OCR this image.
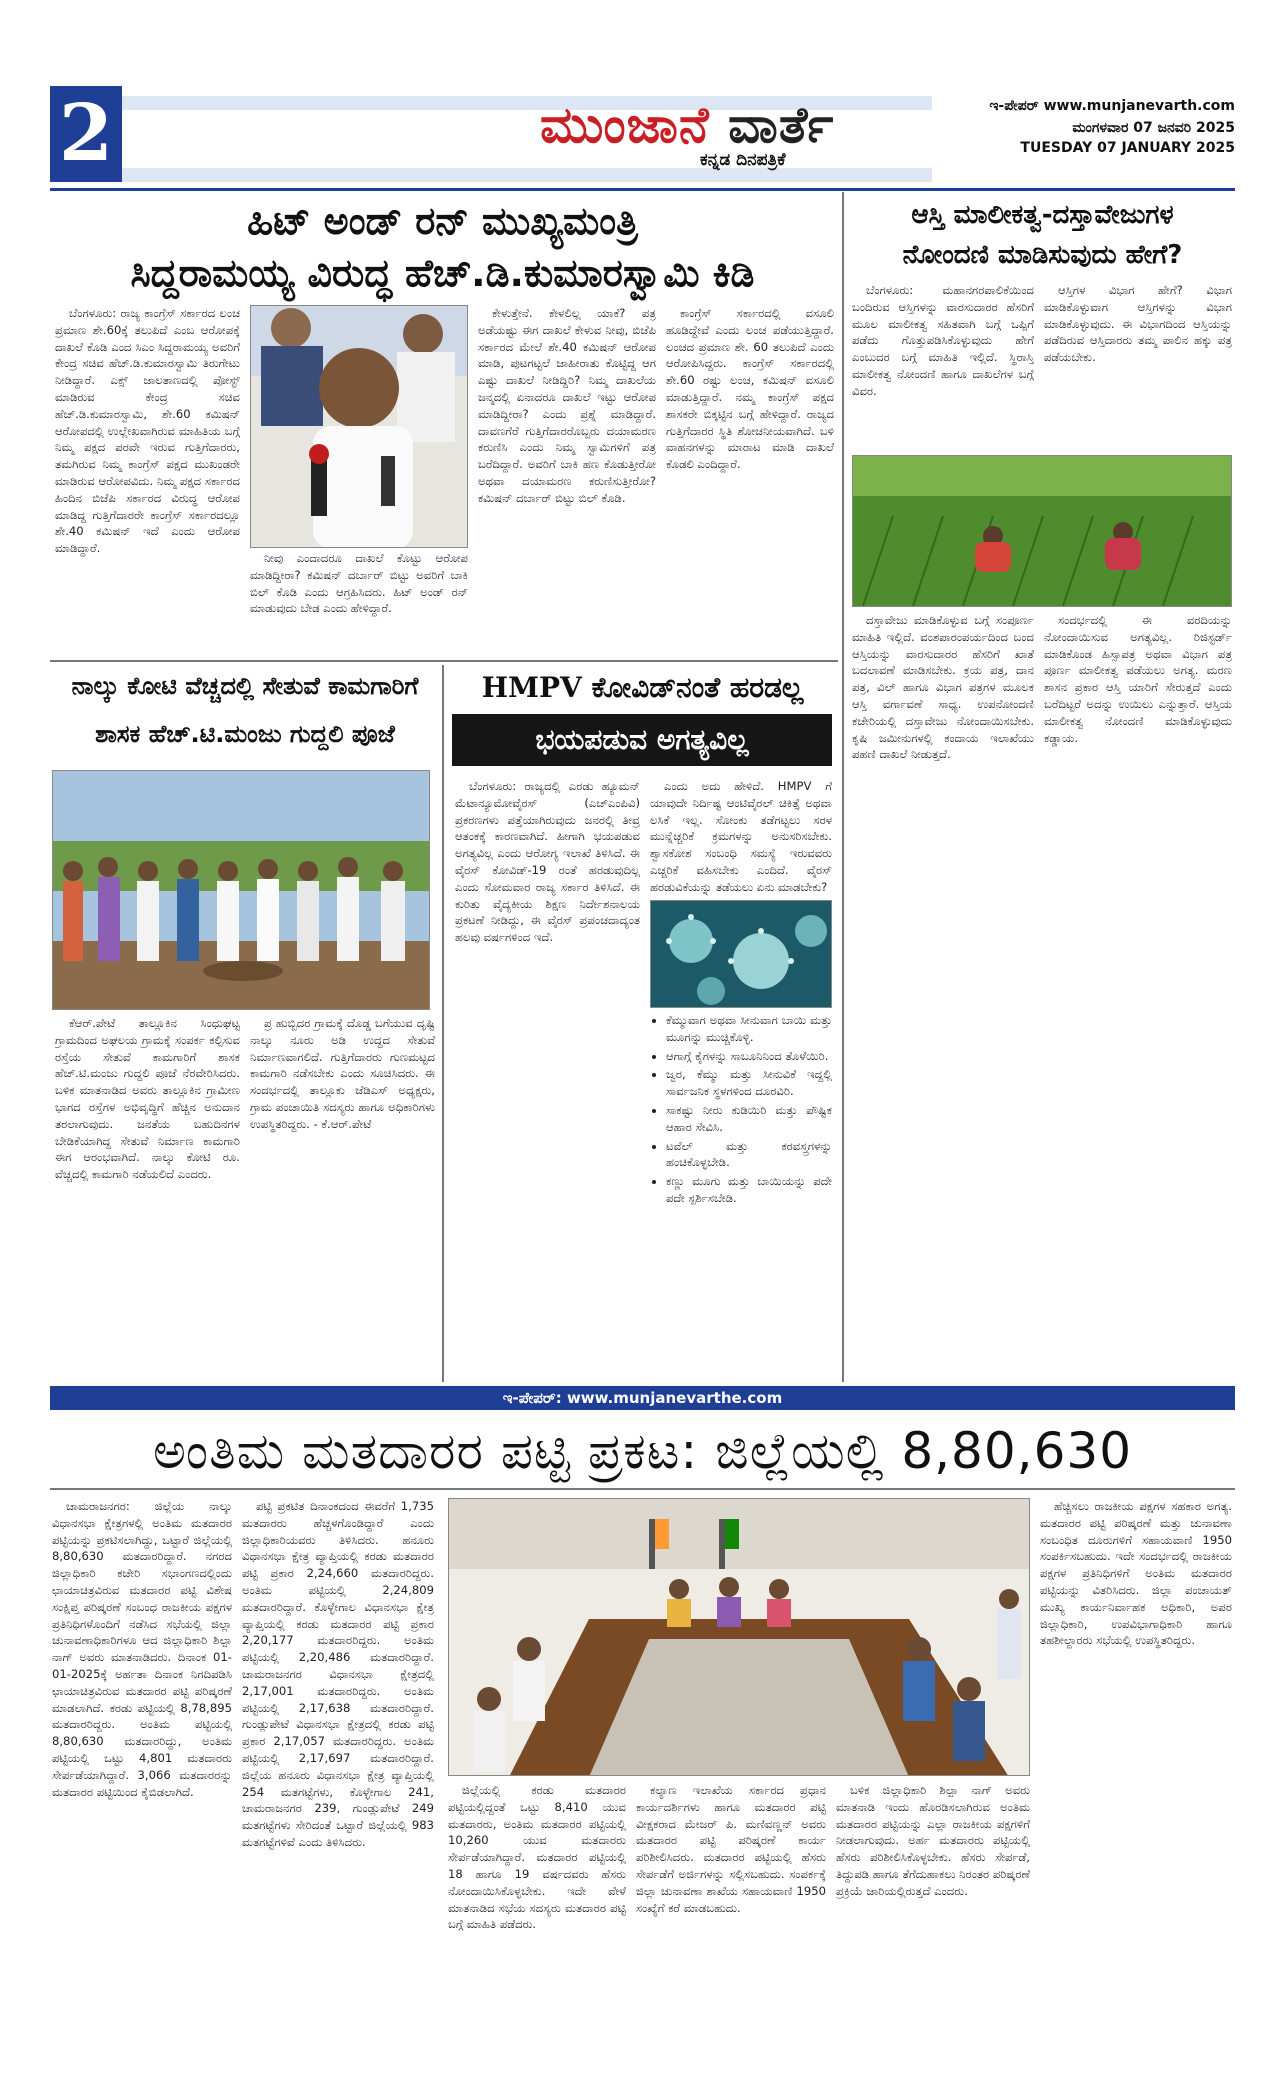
2	ಮುಂಜಾನೆ ವಾರ್ತೆ
ಕನ್ನಡ ದಿನಪತ್ರಿಕೆ
ಇ-ಪೇಪರ್ www.munjanevarth.com
ಮಂಗಳವಾರ 07 ಜನವರಿ 2025
TUESDAY 07 JANUARY 2025
ಹಿಟ್ ಅಂಡ್ ರನ್ ಮುಖ್ಯಮಂತ್ರಿ
ಸಿದ್ದರಾಮಯ್ಯ ವಿರುದ್ಧ ಹೆಚ್.ಡಿ.ಕುಮಾರಸ್ವಾಮಿ ಕಿಡಿ

ಬೆಂಗಳೂರು: ರಾಜ್ಯ ಕಾಂಗ್ರೆಸ್ ಸರ್ಕಾರದ ಲಂಚ ಪ್ರಮಾಣ ಶೇ.60ಕ್ಕೆ ತಲುಪಿದೆ ಎಂಬ ಆರೋಪಕ್ಕೆ ದಾಖಲೆ ಕೊಡಿ ಎಂದ ಸಿಎಂ ಸಿದ್ದರಾಮಯ್ಯ ಅವರಿಗೆ ಕೇಂದ್ರ ಸಚಿವ ಹೆಚ್.ಡಿ.ಕುಮಾರಸ್ವಾಮಿ ತಿರುಗೇಟು ನೀಡಿದ್ದಾರೆ. ಎಕ್ಸ್ ಜಾಲತಾಣದಲ್ಲಿ ಪೋಸ್ಟ್ ಮಾಡಿರುವ ಕೇಂದ್ರ ಸಚಿವ ಹೆಚ್.ಡಿ.ಕುಮಾರಸ್ವಾಮಿ, ಶೇ.60 ಕಮಿಷನ್ ಆರೋಪದಲ್ಲಿ ಉಲ್ಲೇಖವಾಗಿರುವ ಮಾಹಿತಿಯ ಬಗ್ಗೆ ನಿಮ್ಮ ಪಕ್ಷದ ಪರವೇ ಇರುವ ಗುತ್ತಿಗೆದಾರರು, ತಮಗಿರುವ ನಿಮ್ಮ ಕಾಂಗ್ರೆಸ್ ಪಕ್ಷದ ಮುಖಂಡರೇ ಮಾಡಿರುವ ಆರೋಪವಿದು. ನಿಮ್ಮ ಪಕ್ಷದ ಸರ್ಕಾರದ ಹಿಂದಿನ ಬಿಜೆಪಿ ಸರ್ಕಾರದ ವಿರುದ್ಧ ಆರೋಪ ಮಾಡಿದ್ದ ಗುತ್ತಿಗೆದಾರರೇ ಕಾಂಗ್ರೆಸ್ ಸರ್ಕಾರದಲ್ಲೂ ಶೇ.40 ಕಮಿಷನ್ ಇದೆ ಎಂದು ಆರೋಪ ಮಾಡಿದ್ದಾರೆ.

ನೀವು ಎಂದಾದರೂ ದಾಖಲೆ ಕೊಟ್ಟು ಆರೋಪ ಮಾಡಿದ್ದೀರಾ? ಕಮಿಷನ್ ದರ್ಬಾರ್ ಬಿಟ್ಟು ಅವರಿಗೆ ಬಾಕಿ ಬಿಲ್ ಕೊಡಿ ಎಂದು ಆಗ್ರಹಿಸಿದರು. ಹಿಟ್ ಅಂಡ್ ರನ್ ಮಾಡುವುದು ಬೇಡ ಎಂದು ಹೇಳಿದ್ದಾರೆ.

ಕೇಳುತ್ತೇನೆ. ಕೇಳಲಿಲ್ಲ ಯಾಕೆ? ಪತ್ರ ಅಡೆಯಷ್ಟು ಈಗ ದಾಖಲೆ ಕೇಳುವ ನೀವು, ಬಿಜೆಪಿ ಸರ್ಕಾರದ ಮೇಲೆ ಶೇ.40 ಕಮಿಷನ್ ಆರೋಪ ಮಾಡಿ, ಪುಟಗಟ್ಟಲೆ ಜಾಹೀರಾತು ಕೊಟ್ಟಿದ್ದ ಆಗ ಎಷ್ಟು ದಾಖಲೆ ನೀಡಿದ್ದಿರಿ? ನಿಮ್ಮ ದಾಖಲೆಯ ಜನ್ಮದಲ್ಲಿ ಏನಾದರೂ ದಾಖಲೆ ಇಟ್ಟು ಆರೋಪ ಮಾಡಿದ್ದೀರಾ? ಎಂದು ಪ್ರಶ್ನೆ ಮಾಡಿದ್ದಾರೆ. ದಾವಣಗೆರೆ ಗುತ್ತಿಗೆದಾರರೊಬ್ಬರು ದಯಾಮರಣ ಕರುಣಿಸಿ ಎಂದು ನಿಮ್ಮ ಸ್ವಾಮಿಗಳಿಗೆ ಪತ್ರ ಬರೆದಿದ್ದಾರೆ. ಅವರಿಗೆ ಬಾಕಿ ಹಣ ಕೊಡುತ್ತೀರೋ ಅಥವಾ ದಯಾಮರಣ ಕರುಣಿಸುತ್ತೀರೋ? ಕಮಿಷನ್ ದರ್ಬಾರ್ ಬಿಟ್ಟು ಬಿಲ್ ಕೊಡಿ.

ಕಾಂಗ್ರೆಸ್ ಸರ್ಕಾರದಲ್ಲಿ ವಸೂಲಿ ಹೂಡಿದ್ದೇವೆ ಎಂದು ಲಂಚ ಪಡೆಯುತ್ತಿದ್ದಾರೆ. ಲಂಚದ ಪ್ರಮಾಣ ಶೇ. 60 ತಲುಪಿದೆ ಎಂದು ಆರೋಪಿಸಿದ್ದರು. ಕಾಂಗ್ರೆಸ್ ಸರ್ಕಾರದಲ್ಲಿ ಶೇ.60 ರಷ್ಟು ಲಂಚ, ಕಮಿಷನ್ ವಸೂಲಿ ಮಾಡುತ್ತಿದ್ದಾರೆ. ನಮ್ಮ ಕಾಂಗ್ರೆಸ್ ಪಕ್ಷದ ಶಾಸಕರೇ ಬಿಕ್ಕಟ್ಟಿನ ಬಗ್ಗೆ ಹೇಳಿದ್ದಾರೆ. ರಾಜ್ಯದ ಗುತ್ತಿಗೆದಾರರ ಸ್ಥಿತಿ ಶೋಚನೀಯವಾಗಿದೆ. ಬಳಿ ವಾಹನಗಳನ್ನು ಮಾರಾಟ ಮಾಡಿ ದಾಖಲೆ ಕೊಡಲಿ ಎಂದಿದ್ದಾರೆ.

ಆಸ್ತಿ ಮಾಲೀಕತ್ವ-ದಸ್ತಾವೇಜುಗಳ
ನೋಂದಣಿ ಮಾಡಿಸುವುದು ಹೇಗೆ?

ಬೆಂಗಳೂರು: ಮಹಾನಗರಪಾಲಿಕೆಯಿಂದ ಬಂದಿರುವ ಆಸ್ತಿಗಳನ್ನು ವಾರಸುದಾರರ ಹೆಸರಿಗೆ ಮೂಲ ಮಾಲೀಕತ್ವ ಸಹಿತವಾಗಿ ಬಗ್ಗೆ ಒಪ್ಪಿಗೆ ಪಡೆದು ಗೊತ್ತುಪಡಿಸಿಕೊಳ್ಳುವುದು ಹೇಗೆ ಎಂಬುದರ ಬಗ್ಗೆ ಮಾಹಿತಿ ಇಲ್ಲಿದೆ. ಸ್ಥಿರಾಸ್ತಿ ಮಾಲೀಕತ್ವ ನೋಂದಣಿ ಹಾಗೂ ದಾಖಲೆಗಳ ಬಗ್ಗೆ ವಿವರ.

ಆಸ್ತಿಗಳ ವಿಭಾಗ ಹೇಗೆ? ವಿಭಾಗ ಮಾಡಿಕೊಳ್ಳುವಾಗ ಆಸ್ತಿಗಳನ್ನು ವಿಭಾಗ ಮಾಡಿಕೊಳ್ಳುವುದು. ಈ ವಿಭಾಗದಿಂದ ಆಸ್ತಿಯನ್ನು ಪಡೆದಿರುವ ಆಸ್ತಿದಾರರು ತಮ್ಮ ಪಾಲಿನ ಹಕ್ಕು ಪತ್ರ ಪಡೆಯಬೇಕು.

ದಸ್ತಾವೇಜು ಮಾಡಿಕೊಳ್ಳುವ ಬಗ್ಗೆ ಸಂಪೂರ್ಣ ಮಾಹಿತಿ ಇಲ್ಲಿದೆ. ವಂಶಪಾರಂಪರ್ಯದಿಂದ ಬಂದ ಆಸ್ತಿಯನ್ನು ವಾರಸುದಾರರ ಹೆಸರಿಗೆ ಖಾತೆ ಬದಲಾವಣೆ ಮಾಡಿಸಬೇಕು. ಕ್ರಯ ಪತ್ರ, ದಾನ ಪತ್ರ, ವಿಲ್ ಹಾಗೂ ವಿಭಾಗ ಪತ್ರಗಳ ಮೂಲಕ ಆಸ್ತಿ ವರ್ಗಾವಣೆ ಸಾಧ್ಯ. ಉಪನೋಂದಣಿ ಕಚೇರಿಯಲ್ಲಿ ದಸ್ತಾವೇಜು ನೋಂದಾಯಿಸಬೇಕು. ಕೃಷಿ ಜಮೀನುಗಳಲ್ಲಿ ಕಂದಾಯ ಇಲಾಖೆಯು ಪಹಣಿ ದಾಖಲೆ ನೀಡುತ್ತದೆ.

ಸಂದರ್ಭದಲ್ಲಿ ಈ ವರದಿಯನ್ನು ನೋಂದಾಯಿಸುವ ಅಗತ್ಯವಿಲ್ಲ. ರಿಜಿಸ್ಟರ್ಡ್ ಮಾಡಿಕೊಂಡ ಹಿಸ್ಸಾಪತ್ರ ಅಥವಾ ವಿಭಾಗ ಪತ್ರ ಪೂರ್ಣ ಮಾಲೀಕತ್ವ ಪಡೆಯಲು ಅಗತ್ಯ. ಮರಣ ಶಾಸನ ಪ್ರಕಾರ ಆಸ್ತಿ ಯಾರಿಗೆ ಸೇರುತ್ತದೆ ಎಂದು ಬರೆದಿಟ್ಟರೆ ಅದನ್ನು ಉಯಿಲು ಎನ್ನುತ್ತಾರೆ. ಆಸ್ತಿಯ ಮಾಲೀಕತ್ವ ನೋಂದಣಿ ಮಾಡಿಕೊಳ್ಳುವುದು ಕಡ್ಡಾಯ.

ನಾಲ್ಕು ಕೋಟಿ ವೆಚ್ಚದಲ್ಲಿ ಸೇತುವೆ ಕಾಮಗಾರಿಗೆ
ಶಾಸಕ ಹೆಚ್.ಟಿ.ಮಂಜು ಗುದ್ದಲಿ ಪೂಜೆ

ಕೆಆರ್.ಪೇಟೆ ತಾಲ್ಲೂಕಿನ ಸಿಂಧುಘಟ್ಟ ಗ್ರಾಮದಿಂದ ಅಘಲಯ ಗ್ರಾಮಕ್ಕೆ ಸಂಪರ್ಕ ಕಲ್ಪಿಸುವ ರಸ್ತೆಯ ಸೇತುವೆ ಕಾಮಗಾರಿಗೆ ಶಾಸಕ ಹೆಚ್.ಟಿ.ಮಂಜು ಗುದ್ದಲಿ ಪೂಜೆ ನೆರವೇರಿಸಿದರು. ಬಳಿಕ ಮಾತನಾಡಿದ ಅವರು ತಾಲ್ಲೂಕಿನ ಗ್ರಾಮೀಣ ಭಾಗದ ರಸ್ತೆಗಳ ಅಭಿವೃದ್ಧಿಗೆ ಹೆಚ್ಚಿನ ಅನುದಾನ ತರಲಾಗುವುದು. ಜನತೆಯ ಬಹುದಿನಗಳ ಬೇಡಿಕೆಯಾಗಿದ್ದ ಸೇತುವೆ ನಿರ್ಮಾಣ ಕಾಮಗಾರಿ ಈಗ ಆರಂಭವಾಗಿದೆ. ನಾಲ್ಕು ಕೋಟಿ ರೂ. ವೆಚ್ಚದಲ್ಲಿ ಕಾಮಗಾರಿ ನಡೆಯಲಿದೆ ಎಂದರು.

ಪ್ರ ಹುಬ್ಬಿದರ ಗ್ರಾಮಕ್ಕೆ ದೊಡ್ಡ ಬಗೆಯುವ ದೃಷ್ಟಿ ನಾಲ್ಕು ನೂರು ಅಡಿ ಉದ್ದದ ಸೇತುವೆ ನಿರ್ಮಾಣವಾಗಲಿದೆ. ಗುತ್ತಿಗೆದಾರರು ಗುಣಮಟ್ಟದ ಕಾಮಗಾರಿ ನಡೆಸಬೇಕು ಎಂದು ಸೂಚಿಸಿದರು. ಈ ಸಂದರ್ಭದಲ್ಲಿ ತಾಲ್ಲೂಕು ಜೆಡಿಎಸ್ ಅಧ್ಯಕ್ಷರು, ಗ್ರಾಮ ಪಂಚಾಯಿತಿ ಸದಸ್ಯರು ಹಾಗೂ ಅಧಿಕಾರಿಗಳು ಉಪಸ್ಥಿತರಿದ್ದರು. - ಕೆ.ಆರ್.ಪೇಟೆ

HMPV ಕೋವಿಡ್‌ನಂತೆ ಹರಡಲ್ಲ
ಭಯಪಡುವ ಅಗತ್ಯವಿಲ್ಲ

ಬೆಂಗಳೂರು: ರಾಜ್ಯದಲ್ಲಿ ಎರಡು ಹ್ಯೂಮನ್ ಮೆಟಾನ್ಯೂಮೋವೈರಸ್ (ಎಚ್‌ಎಂಪಿವಿ) ಪ್ರಕರಣಗಳು ಪತ್ತೆಯಾಗಿರುವುದು ಜನರಲ್ಲಿ ತೀವ್ರ ಆತಂಕಕ್ಕೆ ಕಾರಣವಾಗಿದೆ. ಹೀಗಾಗಿ ಭಯಪಡುವ ಅಗತ್ಯವಿಲ್ಲ ಎಂದು ಆರೋಗ್ಯ ಇಲಾಖೆ ತಿಳಿಸಿದೆ. ಈ ವೈರಸ್ ಕೋವಿಡ್-19 ರಂತೆ ಹರಡುವುದಿಲ್ಲ ಎಂದು ಸೋಮವಾರ ರಾಜ್ಯ ಸರ್ಕಾರ ತಿಳಿಸಿದೆ. ಈ ಕುರಿತು ವೈದ್ಯಕೀಯ ಶಿಕ್ಷಣ ನಿರ್ದೇಶನಾಲಯ ಪ್ರಕಟಣೆ ನೀಡಿದ್ದು, ಈ ವೈರಸ್ ಪ್ರಪಂಚದಾದ್ಯಂತ ಹಲವು ವರ್ಷಗಳಿಂದ ಇದೆ.

ಎಂದು ಅದು ಹೇಳಿದೆ. HMPV ಗೆ ಯಾವುದೇ ನಿರ್ದಿಷ್ಟ ಆಂಟಿವೈರಲ್ ಚಿಕಿತ್ಸೆ ಅಥವಾ ಲಸಿಕೆ ಇಲ್ಲ. ಸೋಂಕು ತಡೆಗಟ್ಟಲು ಸರಳ ಮುನ್ನೆಚ್ಚರಿಕೆ ಕ್ರಮಗಳನ್ನು ಅನುಸರಿಸಬೇಕು. ಶ್ವಾಸಕೋಶ ಸಂಬಂಧಿ ಸಮಸ್ಯೆ ಇರುವವರು ಎಚ್ಚರಿಕೆ ವಹಿಸಬೇಕು ಎಂದಿದೆ. ವೈರಸ್ ಹರಡುವಿಕೆಯನ್ನು ತಡೆಯಲು ಏನು ಮಾಡಬೇಕು?

• ಕೆಮ್ಮುವಾಗ ಅಥವಾ ಸೀನುವಾಗ ಬಾಯಿ ಮತ್ತು ಮೂಗನ್ನು ಮುಚ್ಚಿಕೊಳ್ಳಿ.
• ಆಗಾಗ್ಗೆ ಕೈಗಳನ್ನು ಸಾಬೂನಿನಿಂದ ತೊಳೆಯಿರಿ.
• ಜ್ವರ, ಕೆಮ್ಮು ಮತ್ತು ಸೀನುವಿಕೆ ಇದ್ದಲ್ಲಿ ಸಾರ್ವಜನಿಕ ಸ್ಥಳಗಳಿಂದ ದೂರವಿರಿ.
• ಸಾಕಷ್ಟು ನೀರು ಕುಡಿಯಿರಿ ಮತ್ತು ಪೌಷ್ಟಿಕ ಆಹಾರ ಸೇವಿಸಿ.
• ಟವೆಲ್ ಮತ್ತು ಕರವಸ್ತ್ರಗಳನ್ನು ಹಂಚಿಕೊಳ್ಳಬೇಡಿ.
• ಕಣ್ಣು ಮೂಗು ಮತ್ತು ಬಾಯಿಯನ್ನು ಪದೇ ಪದೇ ಸ್ಪರ್ಶಿಸಬೇಡಿ.
ಇ-ಪೇಪರ್: www.munjanevarthe.com
ಅಂತಿಮ ಮತದಾರರ ಪಟ್ಟಿ ಪ್ರಕಟ: ಜಿಲ್ಲೆಯಲ್ಲಿ 8,80,630

ಚಾಮರಾಜನಗರ: ಜಿಲ್ಲೆಯ ನಾಲ್ಕು ವಿಧಾನಸಭಾ ಕ್ಷೇತ್ರಗಳಲ್ಲಿ ಅಂತಿಮ ಮತದಾರರ ಪಟ್ಟಿಯನ್ನು ಪ್ರಕಟಿಸಲಾಗಿದ್ದು, ಒಟ್ಟಾರೆ ಜಿಲ್ಲೆಯಲ್ಲಿ 8,80,630 ಮತದಾರರಿದ್ದಾರೆ. ನಗರದ ಜಿಲ್ಲಾಧಿಕಾರಿ ಕಚೇರಿ ಸಭಾಂಗಣದಲ್ಲಿಂದು ಛಾಯಾಚಿತ್ರವಿರುವ ಮತದಾರರ ಪಟ್ಟಿ ವಿಶೇಷ ಸಂಕ್ಷಿಪ್ತ ಪರಿಷ್ಕರಣೆ ಸಂಬಂಧ ರಾಜಕೀಯ ಪಕ್ಷಗಳ ಪ್ರತಿನಿಧಿಗಳೊಂದಿಗೆ ನಡೆಸಿದ ಸಭೆಯಲ್ಲಿ ಜಿಲ್ಲಾ ಚುನಾವಣಾಧಿಕಾರಿಗಳೂ ಆದ ಜಿಲ್ಲಾಧಿಕಾರಿ ಶಿಲ್ಪಾ ನಾಗ್ ಅವರು ಮಾತನಾಡಿದರು. ದಿನಾಂಕ 01-01-2025ಕ್ಕೆ ಅರ್ಹತಾ ದಿನಾಂಕ ನಿಗದಿಪಡಿಸಿ ಛಾಯಾಚಿತ್ರವಿರುವ ಮತದಾರರ ಪಟ್ಟಿ ಪರಿಷ್ಕರಣೆ ಮಾಡಲಾಗಿದೆ. ಕರಡು ಪಟ್ಟಿಯಲ್ಲಿ 8,78,895 ಮತದಾರರಿದ್ದರು. ಅಂತಿಮ ಪಟ್ಟಿಯಲ್ಲಿ 8,80,630 ಮತದಾರರಿದ್ದು, ಅಂತಿಮ ಪಟ್ಟಿಯಲ್ಲಿ ಒಟ್ಟು 4,801 ಮತದಾರರು ಸೇರ್ಪಡೆಯಾಗಿದ್ದಾರೆ. 3,066 ಮತದಾರರನ್ನು ಮತದಾರರ ಪಟ್ಟಿಯಿಂದ ಕೈಬಿಡಲಾಗಿದೆ.

ಪಟ್ಟಿ ಪ್ರಕಟಿತ ದಿನಾಂಕದಂದ ಈವರೆಗೆ 1,735 ಮತದಾರರು ಹೆಚ್ಚಳಗೊಂಡಿದ್ದಾರೆ ಎಂದು ಜಿಲ್ಲಾಧಿಕಾರಿಯವರು ತಿಳಿಸಿದರು. ಹನೂರು ವಿಧಾನಸಭಾ ಕ್ಷೇತ್ರ ವ್ಯಾಪ್ತಿಯಲ್ಲಿ ಕರಡು ಮತದಾರರ ಪಟ್ಟಿ ಪ್ರಕಾರ 2,24,660 ಮತದಾರರಿದ್ದರು. ಅಂತಿಮ ಪಟ್ಟಿಯಲ್ಲಿ 2,24,809 ಮತದಾರರಿದ್ದಾರೆ. ಕೊಳ್ಳೇಗಾಲ ವಿಧಾನಸಭಾ ಕ್ಷೇತ್ರ ವ್ಯಾಪ್ತಿಯಲ್ಲಿ ಕರಡು ಮತದಾರರ ಪಟ್ಟಿ ಪ್ರಕಾರ 2,20,177 ಮತದಾರರಿದ್ದರು. ಅಂತಿಮ ಪಟ್ಟಿಯಲ್ಲಿ 2,20,486 ಮತದಾರರಿದ್ದಾರೆ. ಚಾಮರಾಜನಗರ ವಿಧಾನಸಭಾ ಕ್ಷೇತ್ರದಲ್ಲಿ 2,17,001 ಮತದಾರರಿದ್ದರು. ಅಂತಿಮ ಪಟ್ಟಿಯಲ್ಲಿ 2,17,638 ಮತದಾರರಿದ್ದಾರೆ. ಗುಂಡ್ಲುಪೇಟೆ ವಿಧಾನಸಭಾ ಕ್ಷೇತ್ರದಲ್ಲಿ ಕರಡು ಪಟ್ಟಿ ಪ್ರಕಾರ 2,17,057 ಮತದಾರರಿದ್ದರು. ಅಂತಿಮ ಪಟ್ಟಿಯಲ್ಲಿ 2,17,697 ಮತದಾರರಿದ್ದಾರೆ. ಜಿಲ್ಲೆಯ ಹನೂರು ವಿಧಾನಸಭಾ ಕ್ಷೇತ್ರ ವ್ಯಾಪ್ತಿಯಲ್ಲಿ 254 ಮತಗಟ್ಟೆಗಳು, ಕೊಳ್ಳೇಗಾಲ 241, ಚಾಮರಾಜನಗರ 239, ಗುಂಡ್ಲುಪೇಟೆ 249 ಮತಗಟ್ಟೆಗಳು ಸೇರಿದಂತೆ ಒಟ್ಟಾರೆ ಜಿಲ್ಲೆಯಲ್ಲಿ 983 ಮತಗಟ್ಟೆಗಳಿವೆ ಎಂದು ತಿಳಿಸಿದರು.

ಜಿಲ್ಲೆಯಲ್ಲಿ ಕರಡು ಮತದಾರರ ಪಟ್ಟಿಯಲ್ಲಿದ್ದಂತೆ ಒಟ್ಟು 8,410 ಯುವ ಮತದಾರರು, ಅಂತಿಮ ಮತದಾರರ ಪಟ್ಟಿಯಲ್ಲಿ 10,260 ಯುವ ಮತದಾರರು ಸೇರ್ಪಡೆಯಾಗಿದ್ದಾರೆ. ಮತದಾರರ ಪಟ್ಟಿಯಲ್ಲಿ 18 ಹಾಗೂ 19 ವರ್ಷದವರು ಹೆಸರು ನೋಂದಾಯಿಸಿಕೊಳ್ಳಬೇಕು. ಇದೇ ವೇಳೆ ಮಾತನಾಡಿದ ಸಭೆಯ ಸದಸ್ಯರು ಮತದಾರರ ಪಟ್ಟಿ ಬಗ್ಗೆ ಮಾಹಿತಿ ಪಡೆದರು.

ಕಲ್ಯಾಣ ಇಲಾಖೆಯ ಸರ್ಕಾರದ ಪ್ರಧಾನ ಕಾರ್ಯದರ್ಶಿಗಳು ಹಾಗೂ ಮತದಾರರ ಪಟ್ಟಿ ವೀಕ್ಷಕರಾದ ಮೇಜರ್ ಪಿ. ಮಣಿವಣ್ಣನ್ ಅವರು ಮತದಾರರ ಪಟ್ಟಿ ಪರಿಷ್ಕರಣೆ ಕಾರ್ಯ ಪರಿಶೀಲಿಸಿದರು. ಮತದಾರರ ಪಟ್ಟಿಯಲ್ಲಿ ಹೆಸರು ಸೇರ್ಪಡೆಗೆ ಅರ್ಜಿಗಳನ್ನು ಸಲ್ಲಿಸಬಹುದು. ಸಂಪರ್ಕಕ್ಕೆ ಜಿಲ್ಲಾ ಚುನಾವಣಾ ಶಾಖೆಯ ಸಹಾಯವಾಣಿ 1950 ಸಂಖ್ಯೆಗೆ ಕರೆ ಮಾಡಬಹುದು.

ಬಳಿಕ ಜಿಲ್ಲಾಧಿಕಾರಿ ಶಿಲ್ಪಾ ನಾಗ್ ಅವರು ಮಾತನಾಡಿ ಇಂದು ಹೊರಡಿಸಲಾಗಿರುವ ಅಂತಿಮ ಮತದಾರರ ಪಟ್ಟಿಯನ್ನು ಎಲ್ಲಾ ರಾಜಕೀಯ ಪಕ್ಷಗಳಿಗೆ ನೀಡಲಾಗುವುದು. ಅರ್ಹ ಮತದಾರರು ಪಟ್ಟಿಯಲ್ಲಿ ಹೆಸರು ಪರಿಶೀಲಿಸಿಕೊಳ್ಳಬೇಕು. ಹೆಸರು ಸೇರ್ಪಡೆ, ತಿದ್ದುಪಡಿ ಹಾಗೂ ತೆಗೆದುಹಾಕಲು ನಿರಂತರ ಪರಿಷ್ಕರಣೆ ಪ್ರಕ್ರಿಯೆ ಜಾರಿಯಲ್ಲಿರುತ್ತದೆ ಎಂದರು.

ಹೆಚ್ಚಿಸಲು ರಾಜಕೀಯ ಪಕ್ಷಗಳ ಸಹಕಾರ ಅಗತ್ಯ. ಮತದಾರರ ಪಟ್ಟಿ ಪರಿಷ್ಕರಣೆ ಮತ್ತು ಚುನಾವಣಾ ಸಂಬಂಧಿತ ದೂರುಗಳಿಗೆ ಸಹಾಯವಾಣಿ 1950 ಸಂಪರ್ಕಿಸಬಹುದು. ಇದೇ ಸಂದರ್ಭದಲ್ಲಿ ರಾಜಕೀಯ ಪಕ್ಷಗಳ ಪ್ರತಿನಿಧಿಗಳಿಗೆ ಅಂತಿಮ ಮತದಾರರ ಪಟ್ಟಿಯನ್ನು ವಿತರಿಸಿದರು. ಜಿಲ್ಲಾ ಪಂಚಾಯತ್ ಮುಖ್ಯ ಕಾರ್ಯನಿರ್ವಾಹಕ ಅಧಿಕಾರಿ, ಅಪರ ಜಿಲ್ಲಾಧಿಕಾರಿ, ಉಪವಿಭಾಗಾಧಿಕಾರಿ ಹಾಗೂ ತಹಶೀಲ್ದಾರರು ಸಭೆಯಲ್ಲಿ ಉಪಸ್ಥಿತರಿದ್ದರು.
